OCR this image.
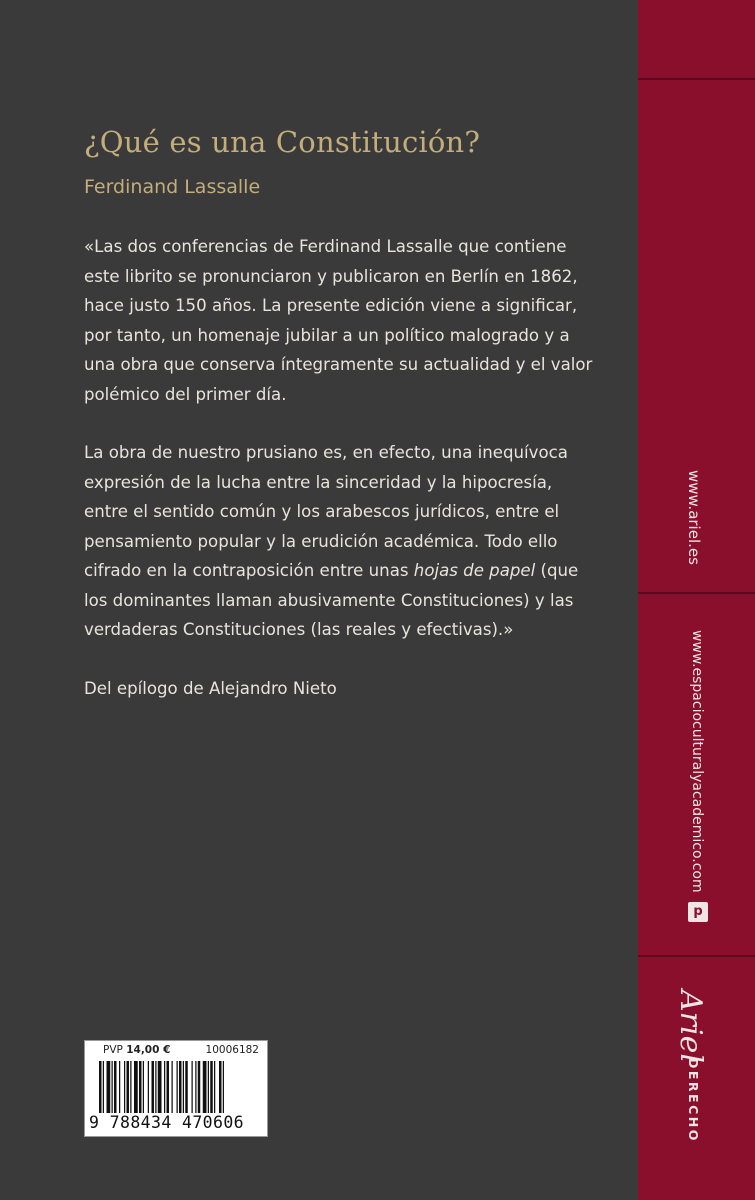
¿Qué es una Constitución?
Ferdinand Lassalle

«Las dos conferencias de Ferdinand Lassalle que contiene
este librito se pronunciaron y publicaron en Berlín en 1862,
hace justo 150 años. La presente edición viene a significar,
por tanto, un homenaje jubilar a un político malogrado y a
una obra que conserva íntegramente su actualidad y el valor
polémico del primer día.

La obra de nuestro prusiano es, en efecto, una inequívoca
expresión de la lucha entre la sinceridad y la hipocresía,
entre el sentido común y los arabescos jurídicos, entre el
pensamiento popular y la erudición académica. Todo ello
cifrado en la contraposición entre unas hojas de papel (que
los dominantes llaman abusivamente Constituciones) y las
verdaderas Constituciones (las reales y efectivas).»

Del epílogo de Alejandro Nieto

www.ariel.es
www.espacioculturalyacademico.com
p
Ariel
DERECHO
PVP 14,00 €	10006182
9 788434 470606
